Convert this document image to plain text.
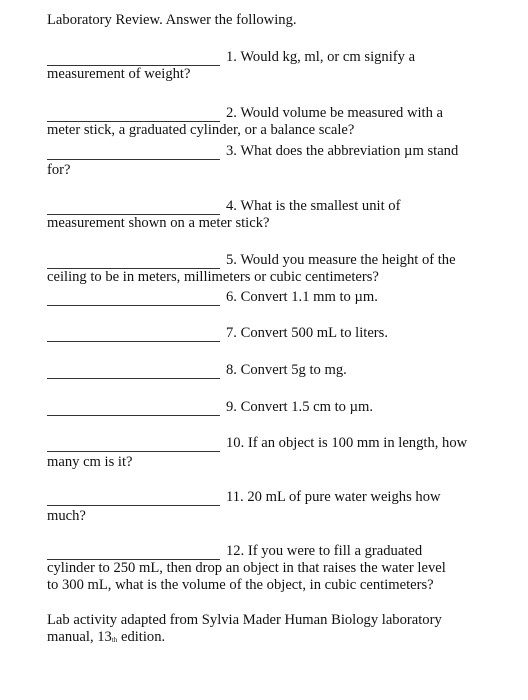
Laboratory Review. Answer the following.
1. Would kg, ml, or cm signify a
measurement of weight?
2. Would volume be measured with a
meter stick, a graduated cylinder, or a balance scale?
3. What does the abbreviation µm stand
for?
4. What is the smallest unit of
measurement shown on a meter stick?
5. Would you measure the height of the
ceiling to be in meters, millimeters or cubic centimeters?
6. Convert 1.1 mm to µm.
7. Convert 500 mL to liters.
8. Convert 5g to mg.
9. Convert 1.5 cm to µm.
10. If an object is 100 mm in length, how
many cm is it?
11. 20 mL of pure water weighs how
much?
12. If you were to fill a graduated
cylinder to 250 mL, then drop an object in that raises the water level
to 300 mL, what is the volume of the object, in cubic centimeters?
Lab activity adapted from Sylvia Mader Human Biology laboratory
manual, 13th edition.
